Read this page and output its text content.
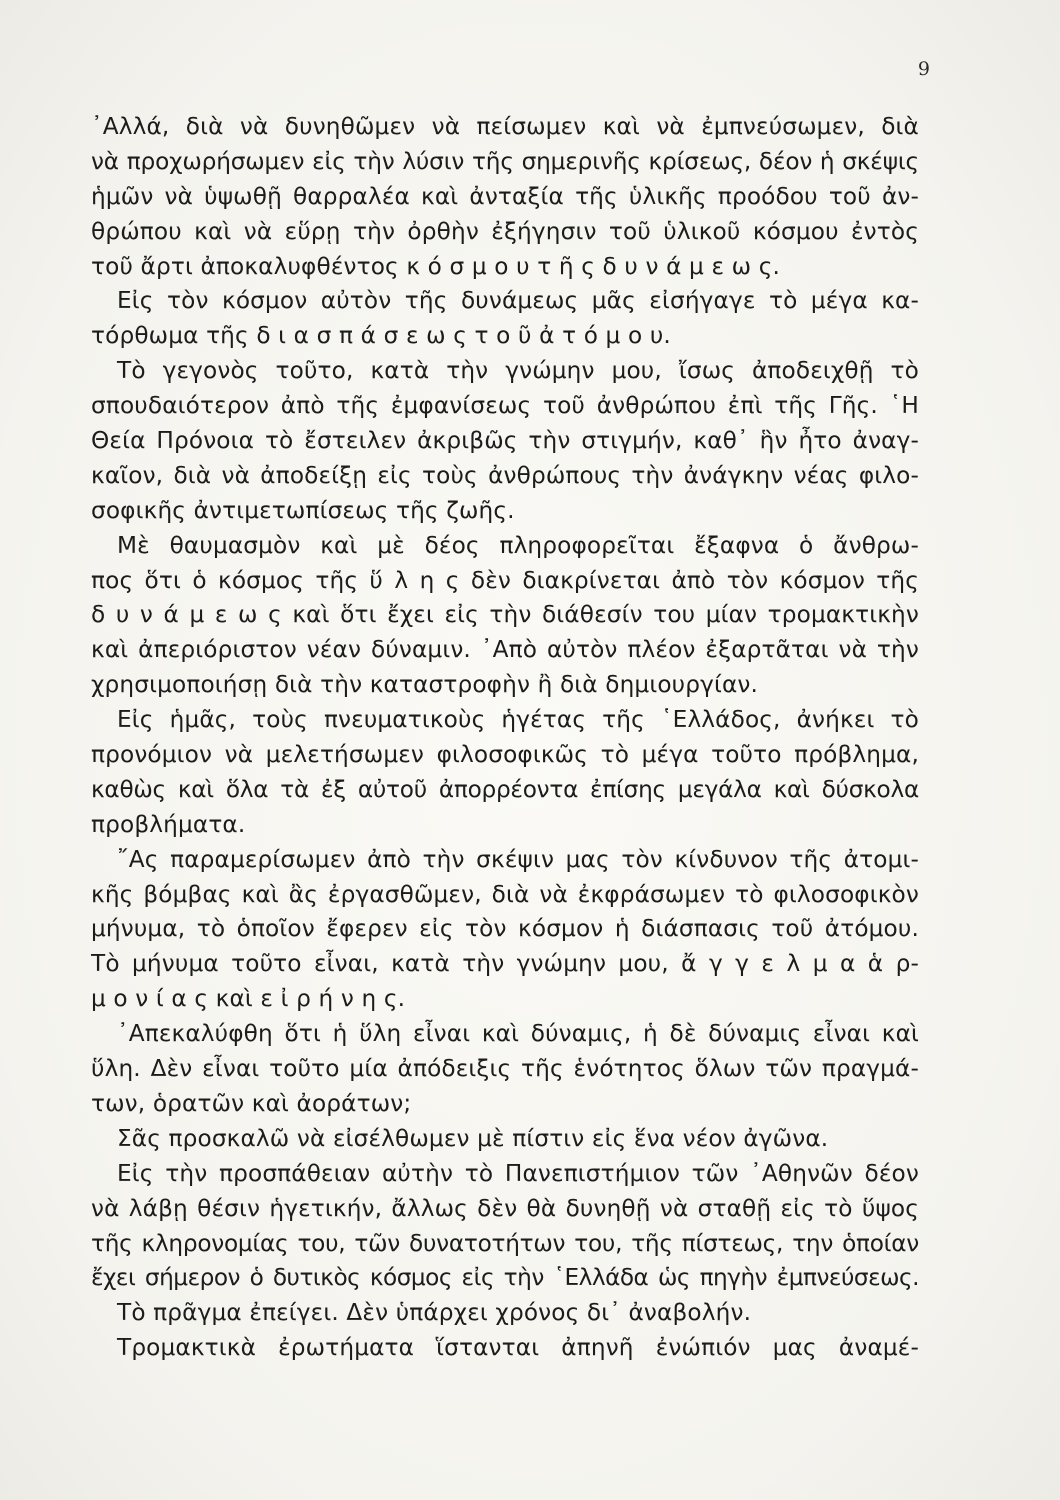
9
᾿Αλλά, διὰ νὰ δυνηθῶμεν νὰ πείσωμεν καὶ νὰ ἐμπνεύσωμεν, διὰ
νὰ προχωρήσωμεν εἰς τὴν λύσιν τῆς σημερινῆς κρίσεως, δέον ἡ σκέψις
ἡμῶν νὰ ὑψωθῇ θαρραλέα καὶ ἀνταξία τῆς ὑλικῆς προόδου τοῦ ἀν-
θρώπου καὶ νὰ εὕρῃ τὴν ὀρθὴν ἐξήγησιν τοῦ ὑλικοῦ κόσμου ἐντὸς
τοῦ ἄρτι ἀποκαλυφθέντος κ ό σ μ ο υ τ ῆ ς δ υ ν ά μ ε ω ς.
Εἰς τὸν κόσμον αὐτὸν τῆς δυνάμεως μᾶς εἰσήγαγε τὸ μέγα κα-
τόρθωμα τῆς δ ι α σ π ά σ ε ω ς τ ο ῦ ἀ τ ό μ ο υ.
Τὸ γεγονὸς τοῦτο, κατὰ τὴν γνώμην μου, ἴσως ἀποδειχθῇ τὸ
σπουδαιότερον ἀπὸ τῆς ἐμφανίσεως τοῦ ἀνθρώπου ἐπὶ τῆς Γῆς. ῾Η
Θεία Πρόνοια τὸ ἔστειλεν ἀκριβῶς τὴν στιγμήν, καθ᾿ ἣν ἦτο ἀναγ-
καῖον, διὰ νὰ ἀποδείξῃ εἰς τοὺς ἀνθρώπους τὴν ἀνάγκην νέας φιλο-
σοφικῆς ἀντιμετωπίσεως τῆς ζωῆς.
Μὲ θαυμασμὸν καὶ μὲ δέος πληροφορεῖται ἔξαφνα ὁ ἄνθρω-
πος ὅτι ὁ κόσμος τῆς ὕ λ η ς δὲν διακρίνεται ἀπὸ τὸν κόσμον τῆς
δ υ ν ά μ ε ω ς καὶ ὅτι ἔχει εἰς τὴν διάθεσίν του μίαν τρομακτικὴν
καὶ ἀπεριόριστον νέαν δύναμιν. ᾿Απὸ αὐτὸν πλέον ἐξαρτᾶται νὰ τὴν
χρησιμοποιήσῃ διὰ τὴν καταστροφὴν ἢ διὰ δημιουργίαν.
Εἰς ἡμᾶς, τοὺς πνευματικοὺς ἡγέτας τῆς ῾Ελλάδος, ἀνήκει τὸ
προνόμιον νὰ μελετήσωμεν φιλοσοφικῶς τὸ μέγα τοῦτο πρόβλημα,
καθὼς καὶ ὅλα τὰ ἐξ αὐτοῦ ἀπορρέοντα ἐπίσης μεγάλα καὶ δύσκολα
προβλήματα.
῎Ας παραμερίσωμεν ἀπὸ τὴν σκέψιν μας τὸν κίνδυνον τῆς ἀτομι-
κῆς βόμβας καὶ ἂς ἐργασθῶμεν, διὰ νὰ ἐκφράσωμεν τὸ φιλοσοφικὸν
μήνυμα, τὸ ὁποῖον ἔφερεν εἰς τὸν κόσμον ἡ διάσπασις τοῦ ἀτόμου.
Τὸ μήνυμα τοῦτο εἶναι, κατὰ τὴν γνώμην μου, ἄ γ γ ε λ μ α ἁ ρ-
μ ο ν ί α ς καὶ ε ἰ ρ ή ν η ς.
᾿Απεκαλύφθη ὅτι ἡ ὕλη εἶναι καὶ δύναμις, ἡ δὲ δύναμις εἶναι καὶ
ὕλη. Δὲν εἶναι τοῦτο μία ἀπόδειξις τῆς ἑνότητος ὅλων τῶν πραγμά-
των, ὁρατῶν καὶ ἀοράτων;
Σᾶς προσκαλῶ νὰ εἰσέλθωμεν μὲ πίστιν εἰς ἕνα νέον ἀγῶνα.
Εἰς τὴν προσπάθειαν αὐτὴν τὸ Πανεπιστήμιον τῶν ᾿Αθηνῶν δέον
νὰ λάβῃ θέσιν ἡγετικήν, ἄλλως δὲν θὰ δυνηθῇ νὰ σταθῇ εἰς τὸ ὕψος
τῆς κληρονομίας του, τῶν δυνατοτήτων του, τῆς πίστεως, την ὁποίαν
ἔχει σήμερον ὁ δυτικὸς κόσμος εἰς τὴν ῾Ελλάδα ὡς πηγὴν ἐμπνεύσεως.
Τὸ πρᾶγμα ἐπείγει. Δὲν ὑπάρχει χρόνος δι᾿ ἀναβολήν.
Τρομακτικὰ ἐρωτήματα ἵστανται ἀπηνῆ ἐνώπιόν μας ἀναμέ-
